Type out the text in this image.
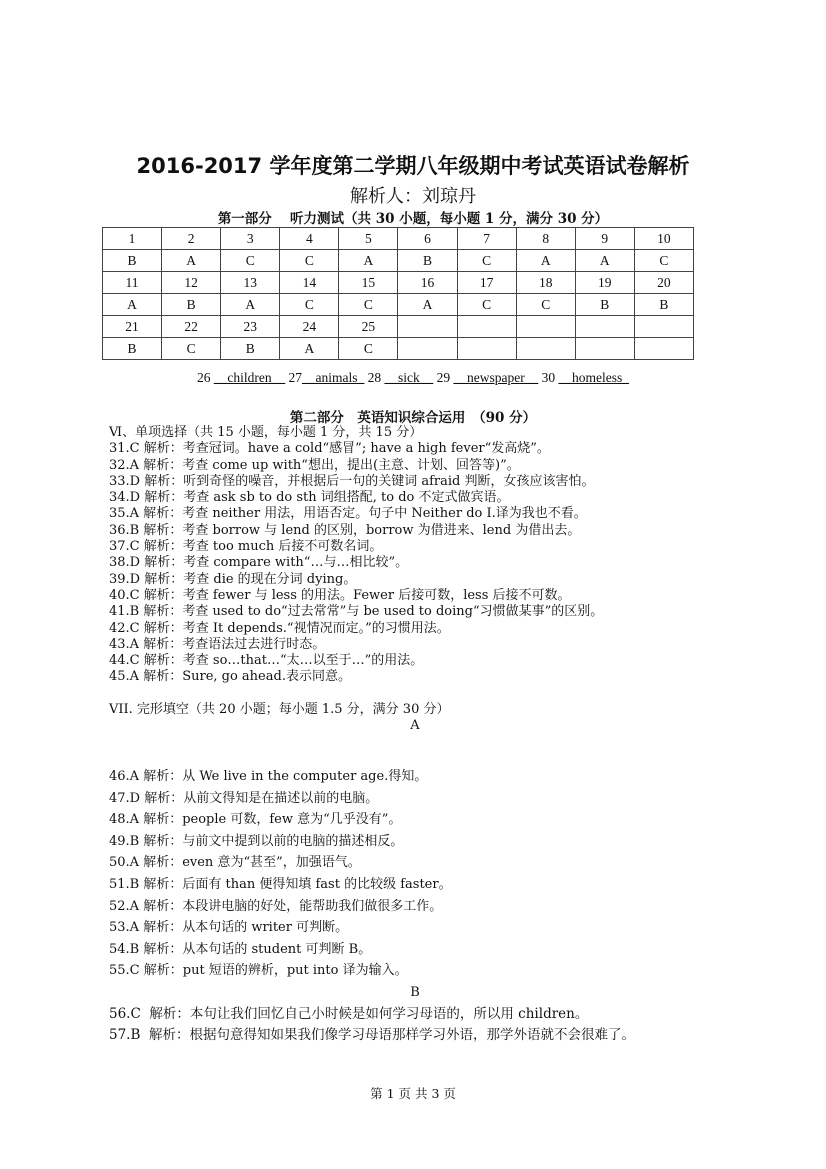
2016-2017 学年度第二学期八年级期中考试英语试卷解析
解析人：刘琼丹
第一部分　 听力测试（共 30 小题，每小题 1 分，满分 30 分）
1	2	3	4	5	6	7	8	9	10
B	A	C	C	A	B	C	A	A	C
11	12	13	14	15	16	17	18	19	20
A	B	A	C	C	A	C	C	B	B
21	22	23	24	25					
B	C	B	A	C					
26 __children__ 27__animals_ 28 __sick__ 29 __newspaper__ 30 __homeless_
第二部分　英语知识综合运用　（90 分）
Ⅵ、单项选择（共 15 小题，每小题 1 分，共 15 分）
31.C 解析： 考查冠词。have a cold“感冒”; have a high fever“发高烧”。
32.A 解析： 考查 come up with“想出，提出(主意、计划、回答等)”。
33.D 解析： 听到奇怪的噪音，并根据后一句的关键词 afraid 判断，女孩应该害怕。
34.D 解析： 考查 ask sb to do sth 词组搭配, to do 不定式做宾语。
35.A 解析： 考查 neither 用法，用语否定。句子中 Neither do I.译为我也不看。
36.B 解析： 考查 borrow 与 lend 的区别，borrow 为借进来、lend 为借出去。
37.C 解析： 考查 too much 后接不可数名词。
38.D 解析： 考查 compare with“…与…相比较”。
39.D 解析： 考查 die 的现在分词 dying。
40.C 解析： 考查 fewer 与 less 的用法。Fewer 后接可数，less 后接不可数。
41.B 解析： 考查 used to do“过去常常”与 be used to doing“习惯做某事”的区别。
42.C 解析： 考查 It depends.“视情况而定。”的习惯用法。
43.A 解析： 考查语法过去进行时态。
44.C 解析： 考查 so…that…“太…以至于…”的用法。
45.A 解析： Sure, go ahead.表示同意。
VII. 完形填空（共 20 小题；每小题 1.5 分，满分 30 分）
A
46.A 解析：从 We live in the computer age.得知。
47.D 解析：从前文得知是在描述以前的电脑。
48.A 解析：people 可数，few 意为“几乎没有”。
49.B 解析：与前文中提到以前的电脑的描述相反。
50.A 解析：even 意为“甚至”，加强语气。
51.B 解析：后面有 than 便得知填 fast 的比较级 faster。
52.A 解析：本段讲电脑的好处，能帮助我们做很多工作。
53.A 解析：从本句话的 writer 可判断。
54.B 解析：从本句话的 student 可判断 B。
55.C 解析：put 短语的辨析，put into 译为输入。
B
56.C  解析： 本句让我们回忆自己小时候是如何学习母语的，所以用 children。
57.B  解析： 根据句意得知如果我们像学习母语那样学习外语，那学外语就不会很难了。
第 1 页 共 3 页
